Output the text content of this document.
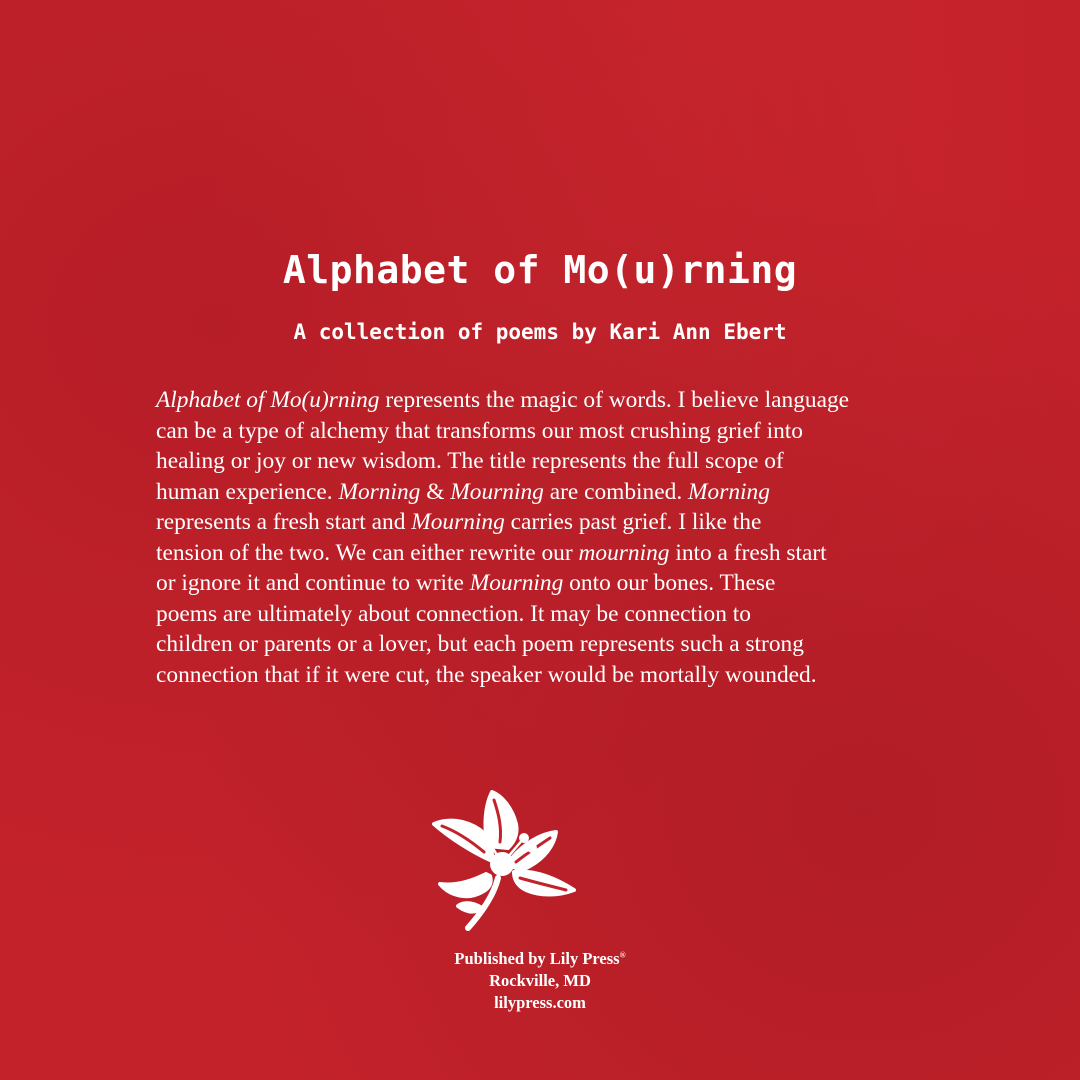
Alphabet of Mo(u)rning
A collection of poems by Kari Ann Ebert

Alphabet of Mo(u)rning represents the magic of words. I believe language
can be a type of alchemy that transforms our most crushing grief into
healing or joy or new wisdom. The title represents the full scope of
human experience. Morning & Mourning are combined. Morning
represents a fresh start and Mourning carries past grief. I like the
tension of the two. We can either rewrite our mourning into a fresh start
or ignore it and continue to write Mourning onto our bones. These
poems are ultimately about connection. It may be connection to
children or parents or a lover, but each poem represents such a strong
connection that if it were cut, the speaker would be mortally wounded.

Published by Lily Press®
Rockville, MD
lilypress.com
